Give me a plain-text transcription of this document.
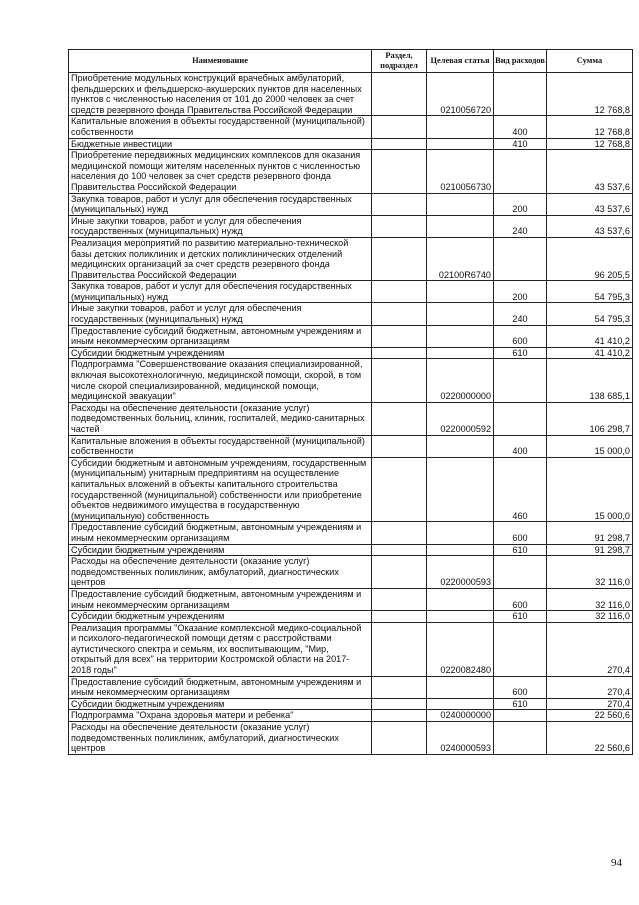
Наименование	Раздел, подраздел	Целевая статья	Вид расходов	Сумма
Приобретение модульных конструкций врачебных амбулаторий, фельдшерских и фельдшерско-акушерских пунктов для населенных пунктов с численностью населения от 101 до 2000 человек за счет средств резервного фонда Правительства Российской Федерации		0210056720		12 768,8
Капитальные вложения в объекты государственной (муниципальной) собственности			400	12 768,8
Бюджетные инвестиции			410	12 768,8
Приобретение передвижных медицинских комплексов для оказания медицинской помощи жителям населенных пунктов с численностью населения до 100 человек за счет средств резервного фонда Правительства Российской Федерации		0210056730		43 537,6
Закупка товаров, работ и услуг для обеспечения государственных (муниципальных) нужд			200	43 537,6
Иные закупки товаров, работ и услуг для обеспечения государственных (муниципальных) нужд			240	43 537,6
Реализация мероприятий по развитию материально-технической базы детских поликлиник и детских поликлинических отделений медицинских организаций за счет средств резервного фонда Правительства Российской Федерации		02100R6740		96 205,5
Закупка товаров, работ и услуг для обеспечения государственных (муниципальных) нужд			200	54 795,3
Иные закупки товаров, работ и услуг для обеспечения государственных (муниципальных) нужд			240	54 795,3
Предоставление субсидий бюджетным, автономным учреждениям и иным некоммерческим организациям			600	41 410,2
Субсидии бюджетным учреждениям			610	41 410,2
Подпрограмма "Совершенствование оказания специализированной, включая высокотехнологичную, медицинской помощи, скорой, в том числе скорой специализированной, медицинской помощи, медицинской эвакуации"		0220000000		138 685,1
Расходы на обеспечение деятельности (оказание услуг) подведомственных больниц, клиник, госпиталей, медико-санитарных частей		0220000592		106 298,7
Капитальные вложения в объекты государственной (муниципальной) собственности			400	15 000,0
Субсидии бюджетным и автономным учреждениям, государственным (муниципальным) унитарным предприятиям на осуществление капитальных вложений в объекты капитального строительства государственной (муниципальной) собственности или приобретение объектов недвижимого имущества в государственную (муниципальную) собственность			460	15 000,0
Предоставление субсидий бюджетным, автономным учреждениям и иным некоммерческим организациям			600	91 298,7
Субсидии бюджетным учреждениям			610	91 298,7
Расходы на обеспечение деятельности (оказание услуг) подведомственных поликлиник, амбулаторий, диагностических центров		0220000593		32 116,0
Предоставление субсидий бюджетным, автономным учреждениям и иным некоммерческим организациям			600	32 116,0
Субсидии бюджетным учреждениям			610	32 116,0
Реализация программы "Оказание комплексной медико-социальной и психолого-педагогической помощи детям с расстройствами аутистического спектра и семьям, их воспитывающим, "Мир, открытый для всех" на территории Костромской области на 2017-2018 годы"		0220082480		270,4
Предоставление субсидий бюджетным, автономным учреждениям и иным некоммерческим организациям			600	270,4
Субсидии бюджетным учреждениям			610	270,4
Подпрограмма "Охрана здоровья матери и ребенка"		0240000000		22 560,6
Расходы на обеспечение деятельности (оказание услуг) подведомственных поликлиник, амбулаторий, диагностических центров		0240000593		22 560,6
94
